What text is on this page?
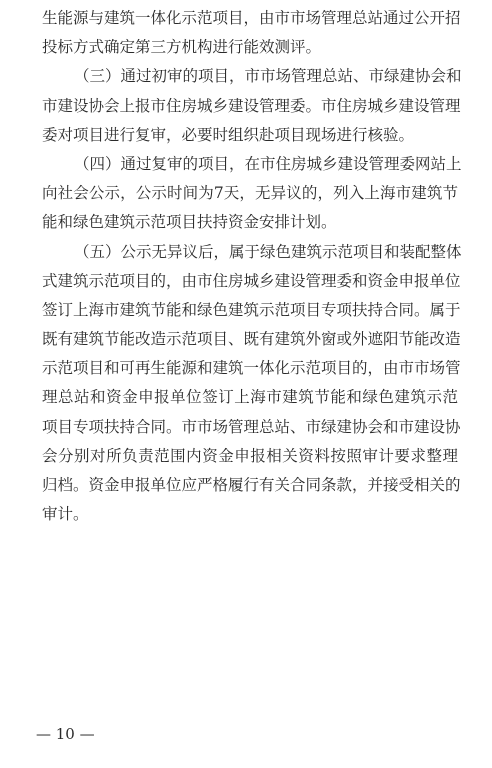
生能源与建筑一体化示范项目，由市市场管理总站通过公开招
投标方式确定第三方机构进行能效测评。
（三）通过初审的项目，市市场管理总站、市绿建协会和
市建设协会上报市住房城乡建设管理委。市住房城乡建设管理
委对项目进行复审，必要时组织赴项目现场进行核验。
（四）通过复审的项目，在市住房城乡建设管理委网站上
向社会公示，公示时间为7天，无异议的，列入上海市建筑节
能和绿色建筑示范项目扶持资金安排计划。
（五）公示无异议后，属于绿色建筑示范项目和装配整体
式建筑示范项目的，由市住房城乡建设管理委和资金申报单位
签订上海市建筑节能和绿色建筑示范项目专项扶持合同。属于
既有建筑节能改造示范项目、既有建筑外窗或外遮阳节能改造
示范项目和可再生能源和建筑一体化示范项目的，由市市场管
理总站和资金申报单位签订上海市建筑节能和绿色建筑示范
项目专项扶持合同。市市场管理总站、市绿建协会和市建设协
会分别对所负责范围内资金申报相关资料按照审计要求整理
归档。资金申报单位应严格履行有关合同条款，并接受相关的
审计。
— 10 —
